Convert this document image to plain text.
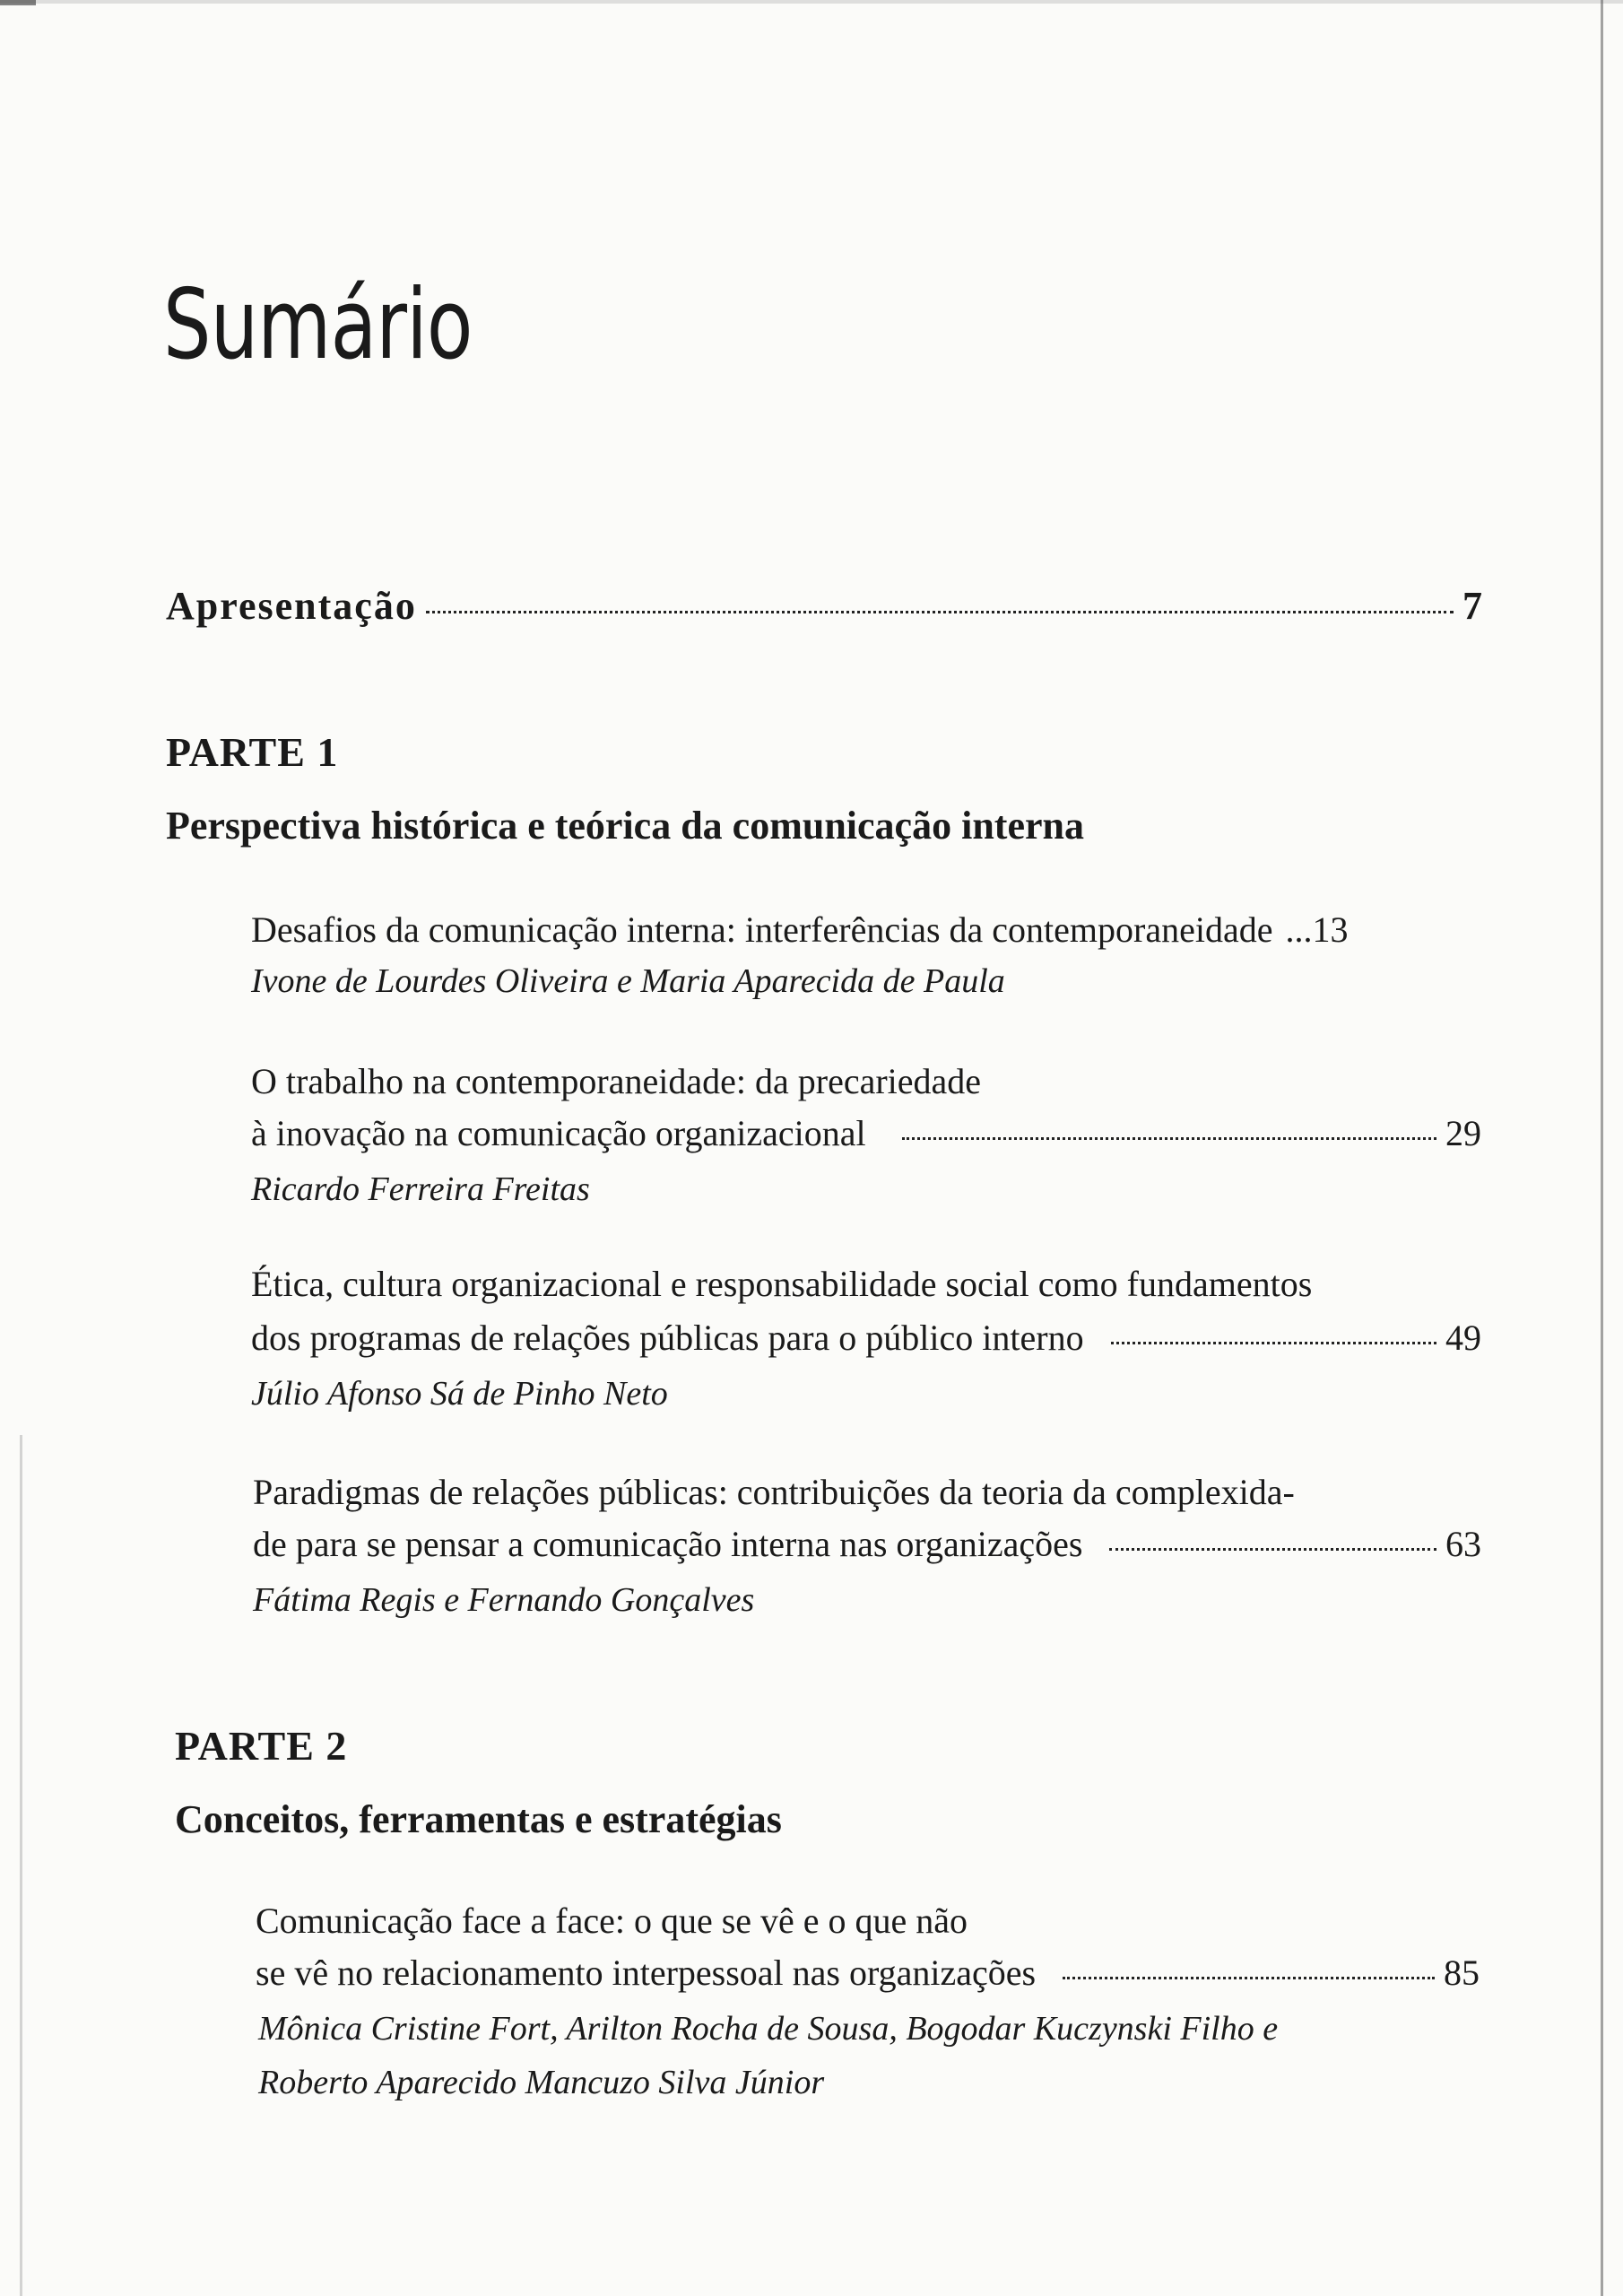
Sumário
Apresentação	7
PARTE 1
Perspectiva histórica e teórica da comunicação interna
Desafios da comunicação interna: interferências da contemporaneidade ...13

Ivone de Lourdes Oliveira e Maria Aparecida de Paula

O trabalho na contemporaneidade: da precariedade

à inovação na comunicação organizacional	29

Ricardo Ferreira Freitas

Ética, cultura organizacional e responsabilidade social como fundamentos

dos programas de relações públicas para o público interno	49

Júlio Afonso Sá de Pinho Neto

Paradigmas de relações públicas: contribuições da teoria da complexida-

de para se pensar a comunicação interna nas organizações	63

Fátima Regis e Fernando Gonçalves

PARTE 2
Conceitos, ferramentas e estratégias

Comunicação face a face: o que se vê e o que não

se vê no relacionamento interpessoal nas organizações	85

Mônica Cristine Fort, Arilton Rocha de Sousa, Bogodar Kuczynski Filho e

Roberto Aparecido Mancuzo Silva Júnior
